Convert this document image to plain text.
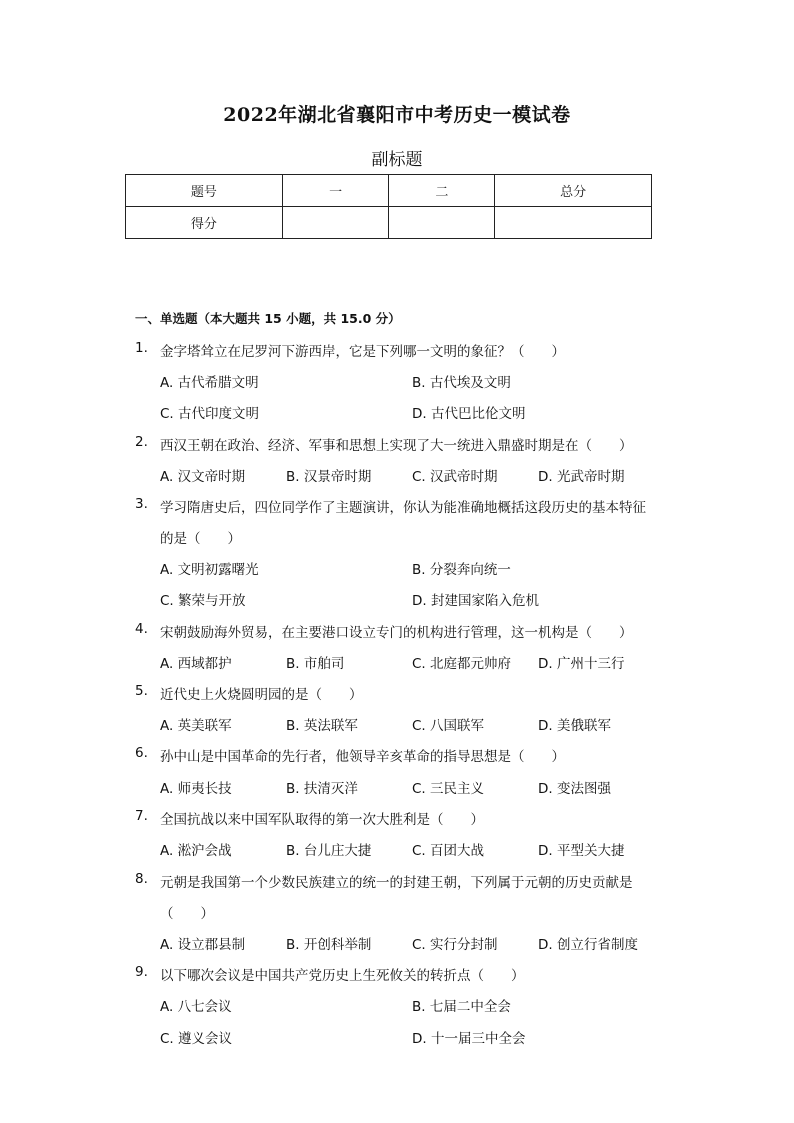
2022年湖北省襄阳市中考历史一模试卷
副标题
题号	一	二	总分
得分			
一、单选题（本大题共 15 小题，共 15.0 分）
1. 金字塔耸立在尼罗河下游西岸，它是下列哪一文明的象征？（　　）
A. 古代希腊文明	B. 古代埃及文明
C. 古代印度文明	D. 古代巴比伦文明
2. 西汉王朝在政治、经济、军事和思想上实现了大一统进入鼎盛时期是在（　　）
A. 汉文帝时期	B. 汉景帝时期	C. 汉武帝时期	D. 光武帝时期
3. 学习隋唐史后，四位同学作了主题演讲，你认为能准确地概括这段历史的基本特征
的是（　　）
A. 文明初露曙光	B. 分裂奔向统一
C. 繁荣与开放	D. 封建国家陷入危机
4. 宋朝鼓励海外贸易，在主要港口设立专门的机构进行管理，这一机构是（　　）
A. 西域都护	B. 市舶司	C. 北庭都元帅府 D. 广州十三行
5. 近代史上火烧圆明园的是（　　）
A. 英美联军	B. 英法联军	C. 八国联军	D. 美俄联军
6. 孙中山是中国革命的先行者，他领导辛亥革命的指导思想是（　　）
A. 师夷长技	B. 扶清灭洋	C. 三民主义	D. 变法图强
7. 全国抗战以来中国军队取得的第一次大胜利是（　　）
A. 淞沪会战	B. 台儿庄大捷	C. 百团大战	D. 平型关大捷
8. 元朝是我国第一个少数民族建立的统一的封建王朝，下列属于元朝的历史贡献是
（　　）
A. 设立郡县制	B. 开创科举制	C. 实行分封制	D. 创立行省制度
9. 以下哪次会议是中国共产党历史上生死攸关的转折点（　　）
A. 八七会议	B. 七届二中全会
C. 遵义会议	D. 十一届三中全会
